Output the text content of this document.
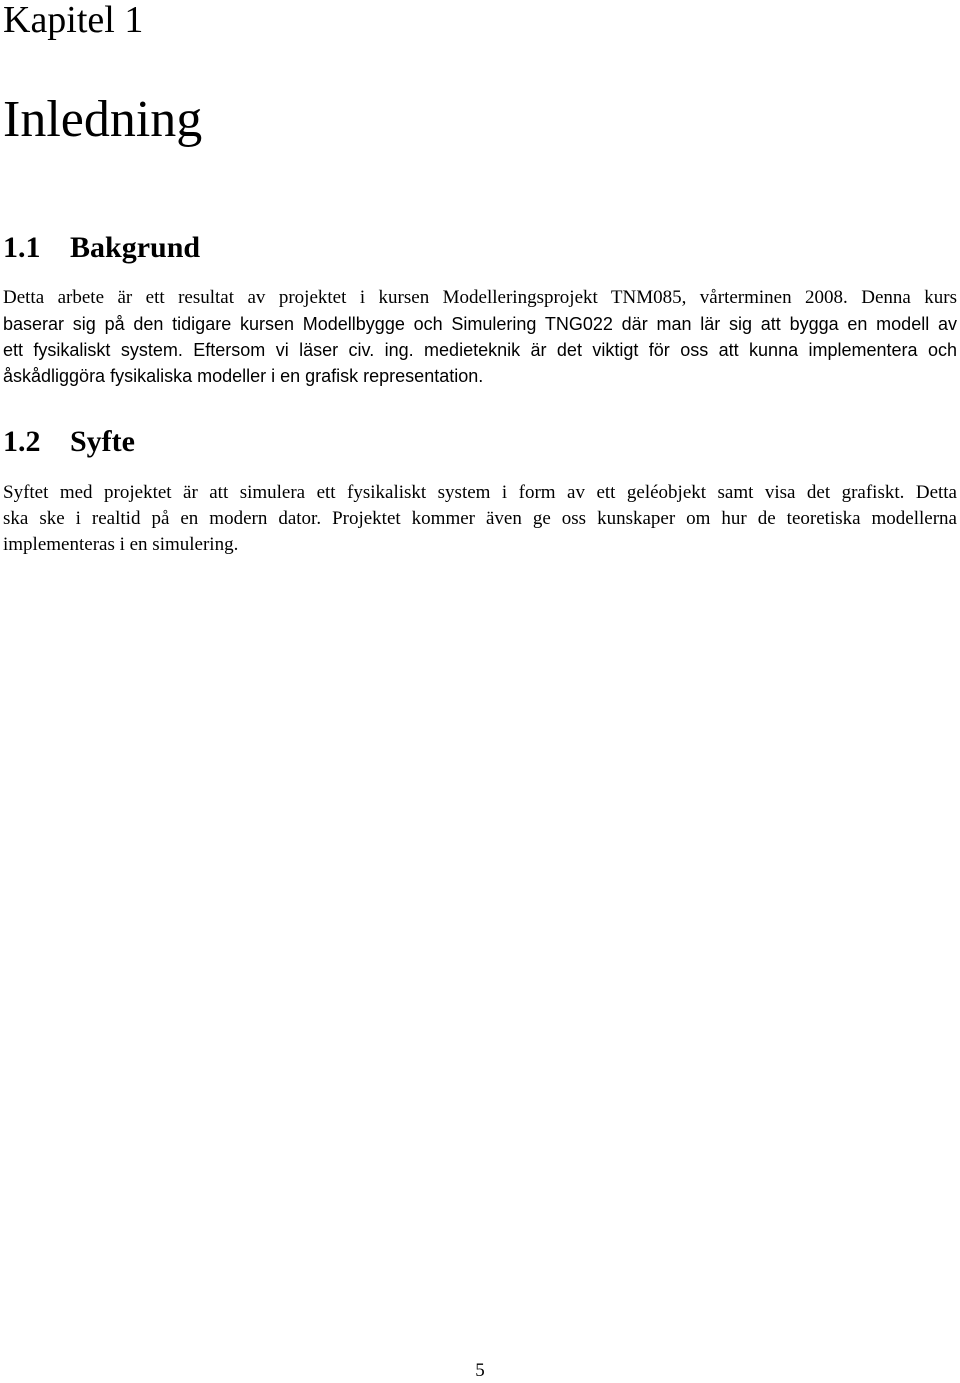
Kapitel 1
Inledning
1.1 Bakgrund
Detta arbete är ett resultat av projektet i kursen Modelleringsprojekt TNM085, vårterminen 2008. Denna kurs
baserar sig på den tidigare kursen Modellbygge och Simulering TNG022 där man lär sig att bygga en modell av
ett fysikaliskt system. Eftersom vi läser civ. ing. medieteknik är det viktigt för oss att kunna implementera och
åskådliggöra fysikaliska modeller i en grafisk representation.
1.2 Syfte
Syftet med projektet är att simulera ett fysikaliskt system i form av ett geléobjekt samt visa det grafiskt. Detta
ska ske i realtid på en modern dator. Projektet kommer även ge oss kunskaper om hur de teoretiska modellerna
implementeras i en simulering.
5
